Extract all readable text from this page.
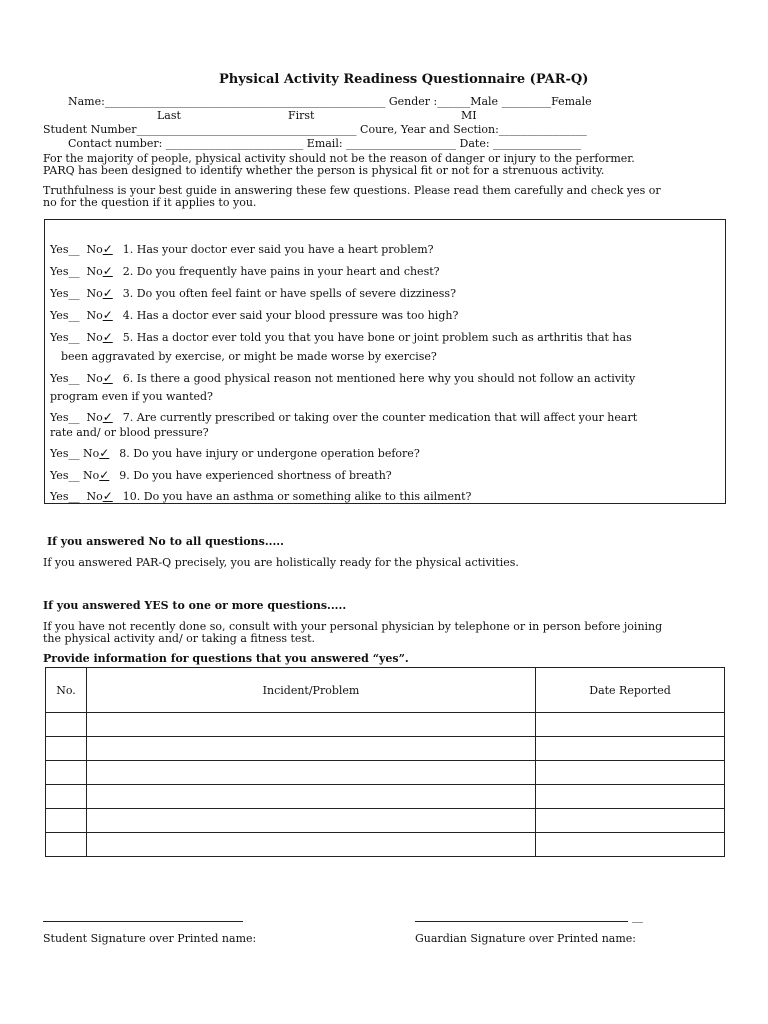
Physical Activity Readiness Questionnaire (PAR-Q)
Name:___________________________________________________ Gender :______Male _________Female
Last	First	MI
Student Number________________________________________ Coure, Year and Section:________________
Contact number: _________________________ Email: ____________________ Date: ________________
For the majority of people, physical activity should not be the reason of danger or injury to the performer.
PARQ has been designed to identify whether the person is physical fit or not for a strenuous activity.
Truthfulness is your best guide in answering these few questions. Please read them carefully and check yes or
no for the question if it applies to you.
Yes__  No✓ 1. Has your doctor ever said you have a heart problem?
Yes__  No✓ 2. Do you frequently have pains in your heart and chest?
Yes__  No✓ 3. Do you often feel faint or have spells of severe dizziness?
Yes__  No✓ 4. Has a doctor ever said your blood pressure was too high?
Yes__  No✓ 5. Has a doctor ever told you that you have bone or joint problem such as arthritis that has
been aggravated by exercise, or might be made worse by exercise?
Yes__  No✓ 6. Is there a good physical reason not mentioned here why you should not follow an activity
program even if you wanted?
Yes__  No✓ 7. Are currently prescribed or taking over the counter medication that will affect your heart
rate and/ or blood pressure?
Yes__ No✓ 8. Do you have injury or undergone operation before?
Yes__ No✓ 9. Do you have experienced shortness of breath?
Yes__  No✓ 10. Do you have an asthma or something alike to this ailment?
If you answered No to all questions.....
If you answered PAR-Q precisely, you are holistically ready for the physical activities.
If you answered YES to one or more questions.....
If you have not recently done so, consult with your personal physician by telephone or in person before joining
the physical activity and/ or taking a fitness test.
Provide information for questions that you answered “yes”.
No.	Incident/Problem	Date Reported

__
Student Signature over Printed name:	Guardian Signature over Printed name:
